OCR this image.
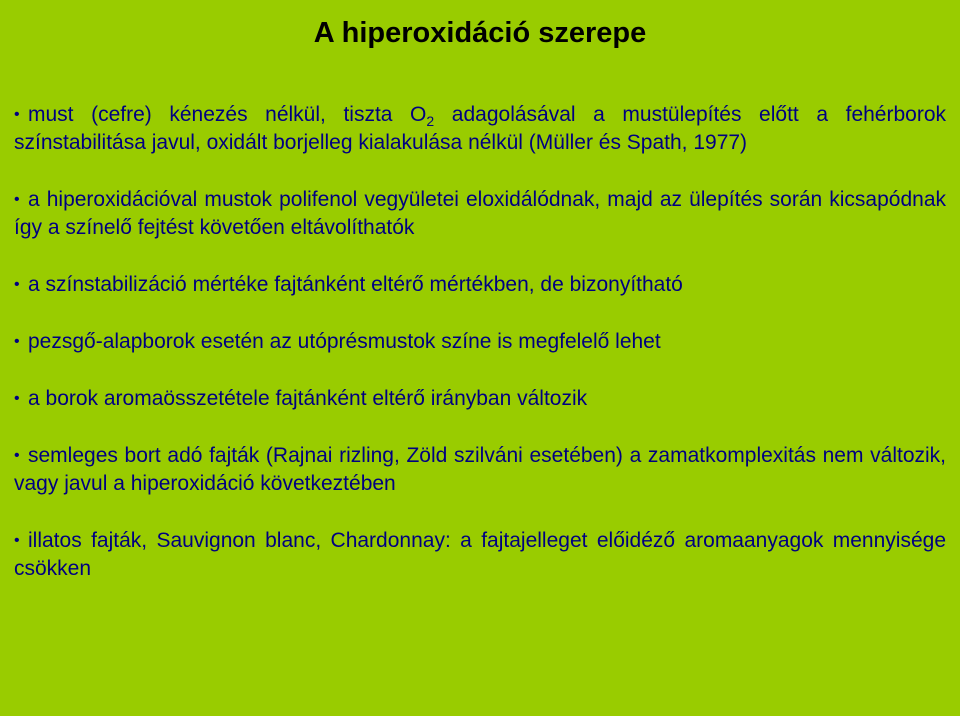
A hiperoxidáció szerepe
• must (cefre) kénezés nélkül, tiszta $O_2$ adagolásával a mustülepítés előtt a fehérborok színstabilitása javul, oxidált borjelleg kialakulása nélkül (Müller és Spath, 1977)
• a hiperoxidációval mustok polifenol vegyületei eloxidálódnak, majd az ülepítés során kicsapódnak így a színelő fejtést követően eltávolíthatók
• a színstabilizáció mértéke fajtánként eltérő mértékben, de bizonyítható
• pezsgő-alapborok esetén az utóprésmustok színe is megfelelő lehet
• a borok aromaösszetétele fajtánként eltérő irányban változik
• semleges bort adó fajták (Rajnai rizling, Zöld szilváni esetében) a zamatkomplexitás nem változik, vagy javul a hiperoxidáció következtében
• illatos fajták, Sauvignon blanc, Chardonnay: a fajtajelleget előidéző aromaanyagok mennyisége csökken
